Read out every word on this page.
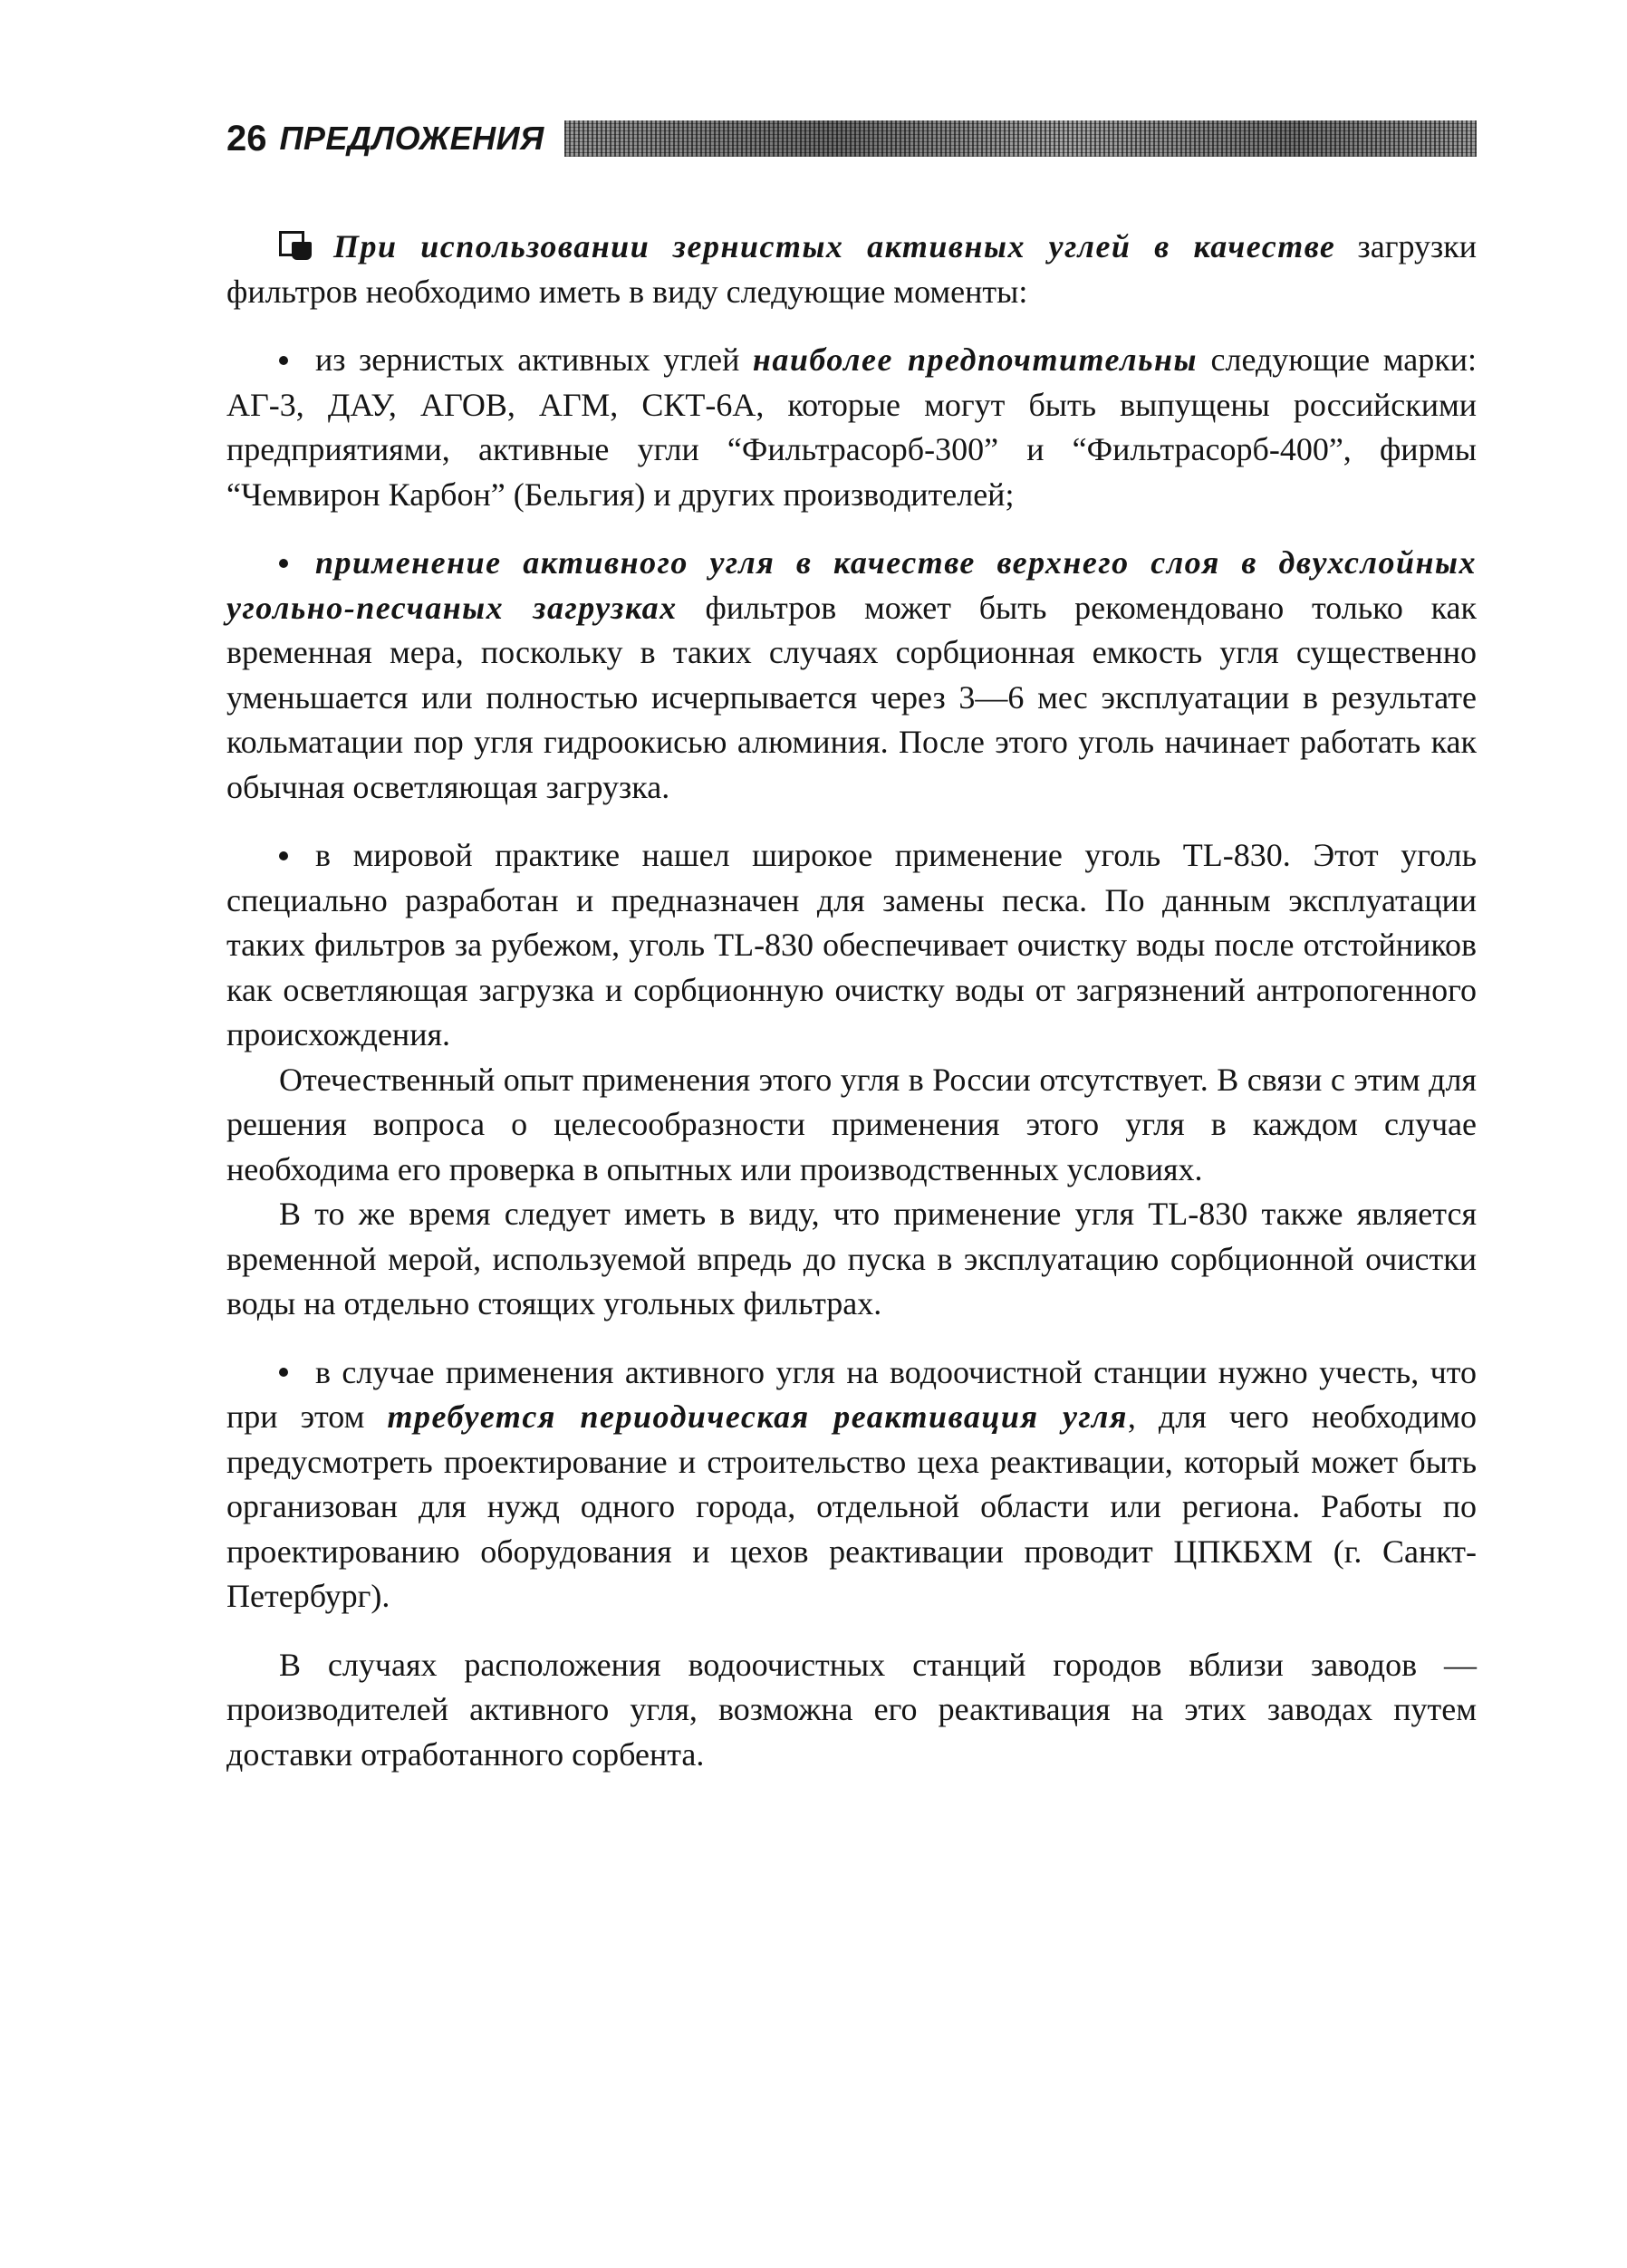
26 ПРЕДЛОЖЕНИЯ

При использовании зернистых активных углей в качестве загрузки фильтров необходимо иметь в виду следующие моменты:

из зернистых активных углей наиболее предпочтительны следующие марки: АГ-3, ДАУ, АГОВ, АГМ, СКТ-6А, которые могут быть выпущены российскими предприятиями, активные угли “Фильтрасорб-300” и “Фильтрасорб-400”, фирмы “Чемвирон Карбон” (Бельгия) и других производителей;

применение активного угля в качестве верхнего слоя в двухслойных угольно-песчаных загрузках фильтров может быть рекомендовано только как временная мера, поскольку в таких случаях сорбционная емкость угля существенно уменьшается или полностью исчерпывается через 3—6 мес эксплуатации в результате кольматации пор угля гидроокисью алюминия. После этого уголь начинает работать как обычная осветляющая загрузка.

в мировой практике нашел широкое применение уголь TL-830. Этот уголь специально разработан и предназначен для замены песка. По данным эксплуатации таких фильтров за рубежом, уголь TL-830 обеспечивает очистку воды после отстойников как осветляющая загрузка и сорбционную очистку воды от загрязнений антропогенного происхождения.

Отечественный опыт применения этого угля в России отсутствует. В связи с этим для решения вопроса о целесообразности применения этого угля в каждом случае необходима его проверка в опытных или производственных условиях.

В то же время следует иметь в виду, что применение угля TL-830 также является временной мерой, используемой впредь до пуска в эксплуатацию сорбционной очистки воды на отдельно стоящих угольных фильтрах.

в случае применения активного угля на водоочистной станции нужно учесть, что при этом требуется периодическая реактивация угля, для чего необходимо предусмотреть проектирование и строительство цеха реактивации, который может быть организован для нужд одного города, отдельной области или региона. Работы по проектированию оборудования и цехов реактивации проводит ЦПКБХМ (г. Санкт-Петербург).

В случаях расположения водоочистных станций городов вблизи заводов — производителей активного угля, возможна его реактивация на этих заводах путем доставки отработанного сорбента.
